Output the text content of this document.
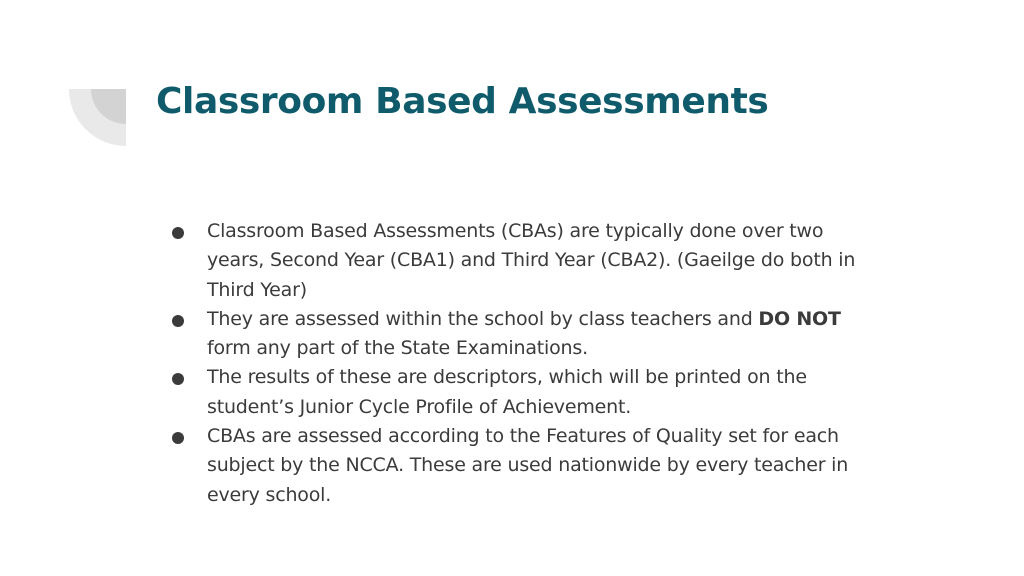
Classroom Based Assessments
Classroom Based Assessments (CBAs) are typically done over two years, Second Year (CBA1) and Third Year (CBA2). (Gaeilge do both in Third Year)
They are assessed within the school by class teachers and DO NOT form any part of the State Examinations.
The results of these are descriptors, which will be printed on the student’s Junior Cycle Profile of Achievement.
CBAs are assessed according to the Features of Quality set for each subject by the NCCA. These are used nationwide by every teacher in every school.
